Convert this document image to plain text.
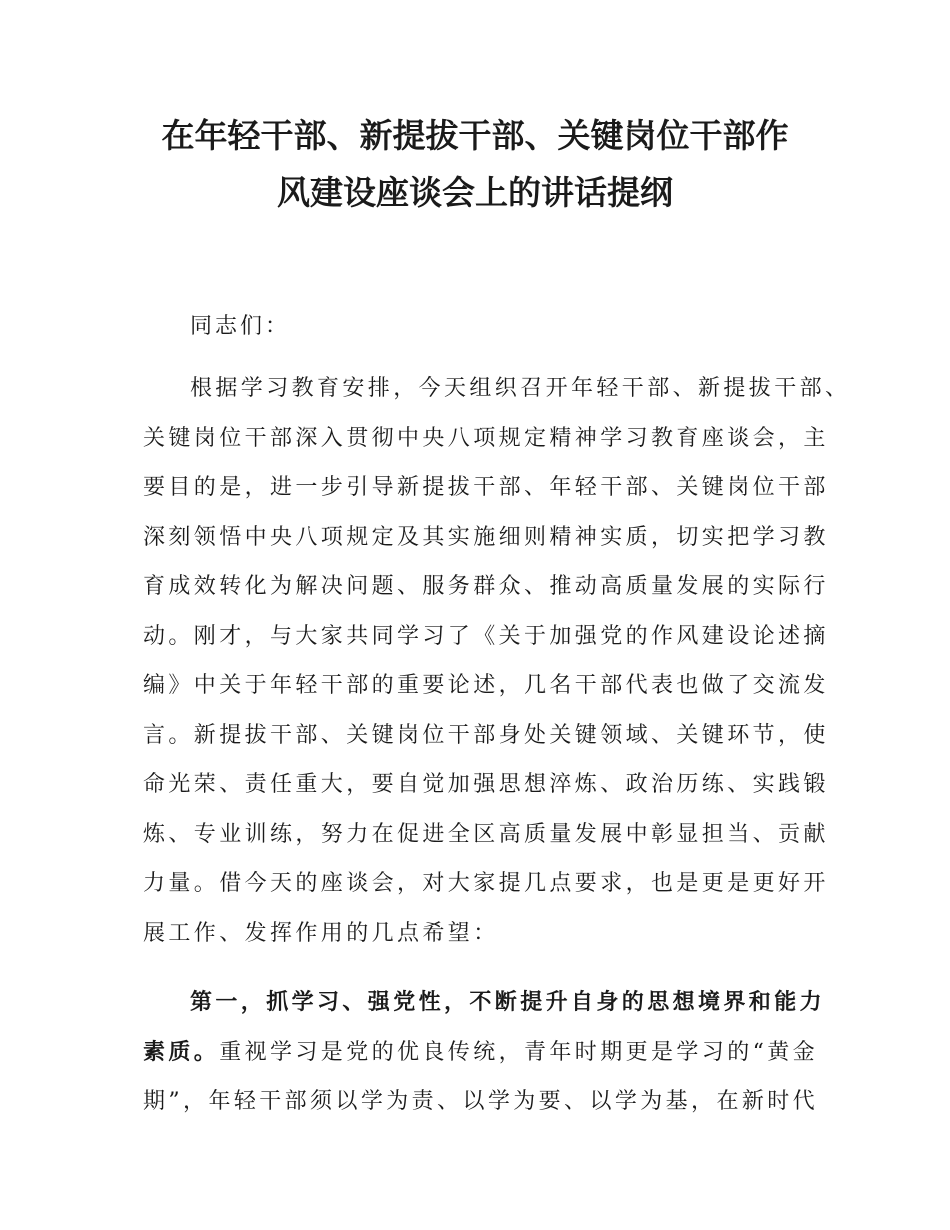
在年轻干部、新提拔干部、关键岗位干部作
风建设座谈会上的讲话提纲
同志们：
根据学习教育安排，今天组织召开年轻干部、新提拔干部、
关键岗位干部深入贯彻中央八项规定精神学习教育座谈会，主
要目的是，进一步引导新提拔干部、年轻干部、关键岗位干部
深刻领悟中央八项规定及其实施细则精神实质，切实把学习教
育成效转化为解决问题、服务群众、推动高质量发展的实际行
动。刚才，与大家共同学习了《关于加强党的作风建设论述摘
编》中关于年轻干部的重要论述，几名干部代表也做了交流发
言。新提拔干部、关键岗位干部身处关键领域、关键环节，使
命光荣、责任重大，要自觉加强思想淬炼、政治历练、实践锻
炼、专业训练，努力在促进全区高质量发展中彰显担当、贡献
力量。借今天的座谈会，对大家提几点要求，也是更是更好开
展工作、发挥作用的几点希望：
第一，抓学习、强党性，不断提升自身的思想境界和能力
素质。重视学习是党的优良传统，青年时期更是学习的“黄金
期”，年轻干部须以学为责、以学为要、以学为基，在新时代
